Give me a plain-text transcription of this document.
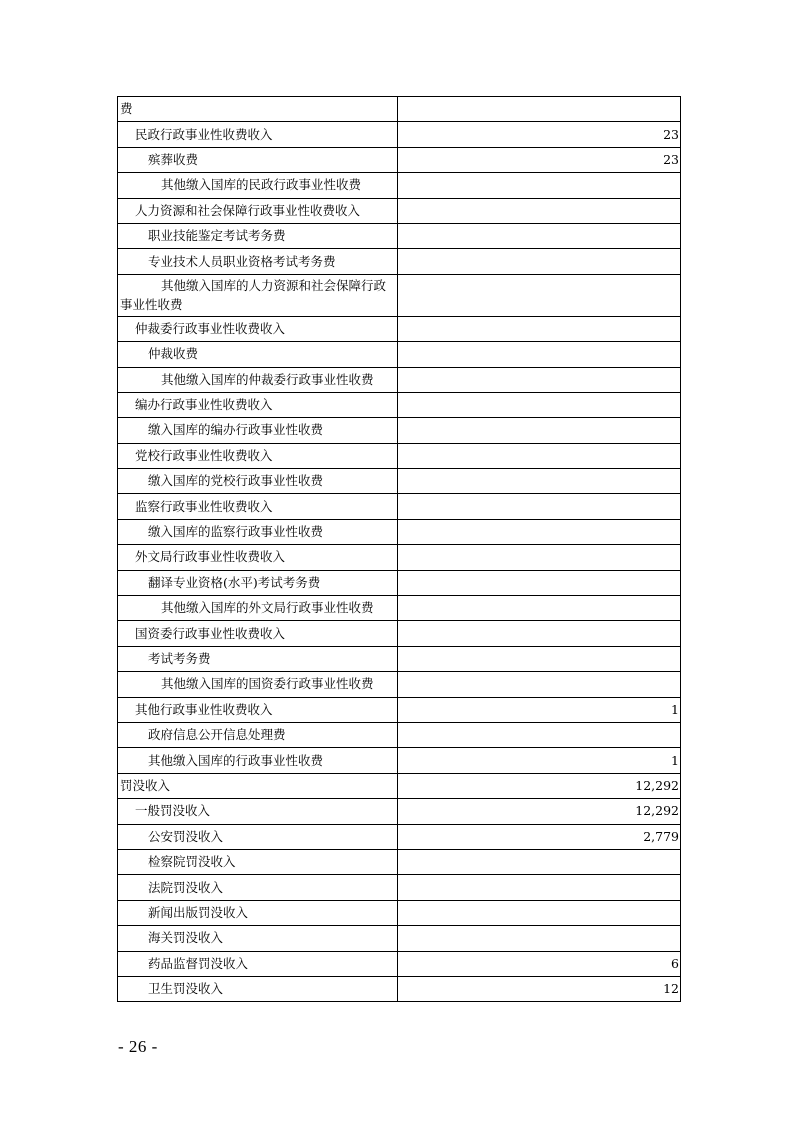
费	
民政行政事业性收费收入	23
殡葬收费	23
其他缴入国库的民政行政事业性收费	
人力资源和社会保障行政事业性收费收入	
职业技能鉴定考试考务费	
专业技术人员职业资格考试考务费	
其他缴入国库的人力资源和社会保障行政事业性收费	
仲裁委行政事业性收费收入	
仲裁收费	
其他缴入国库的仲裁委行政事业性收费	
编办行政事业性收费收入	
缴入国库的编办行政事业性收费	
党校行政事业性收费收入	
缴入国库的党校行政事业性收费	
监察行政事业性收费收入	
缴入国库的监察行政事业性收费	
外文局行政事业性收费收入	
翻译专业资格(水平)考试考务费	
其他缴入国库的外文局行政事业性收费	
国资委行政事业性收费收入	
考试考务费	
其他缴入国库的国资委行政事业性收费	
其他行政事业性收费收入	1
政府信息公开信息处理费	
其他缴入国库的行政事业性收费	1
罚没收入	12,292
一般罚没收入	12,292
公安罚没收入	2,779
检察院罚没收入	
法院罚没收入	
新闻出版罚没收入	
海关罚没收入	
药品监督罚没收入	6
卫生罚没收入	12
- 26 -
